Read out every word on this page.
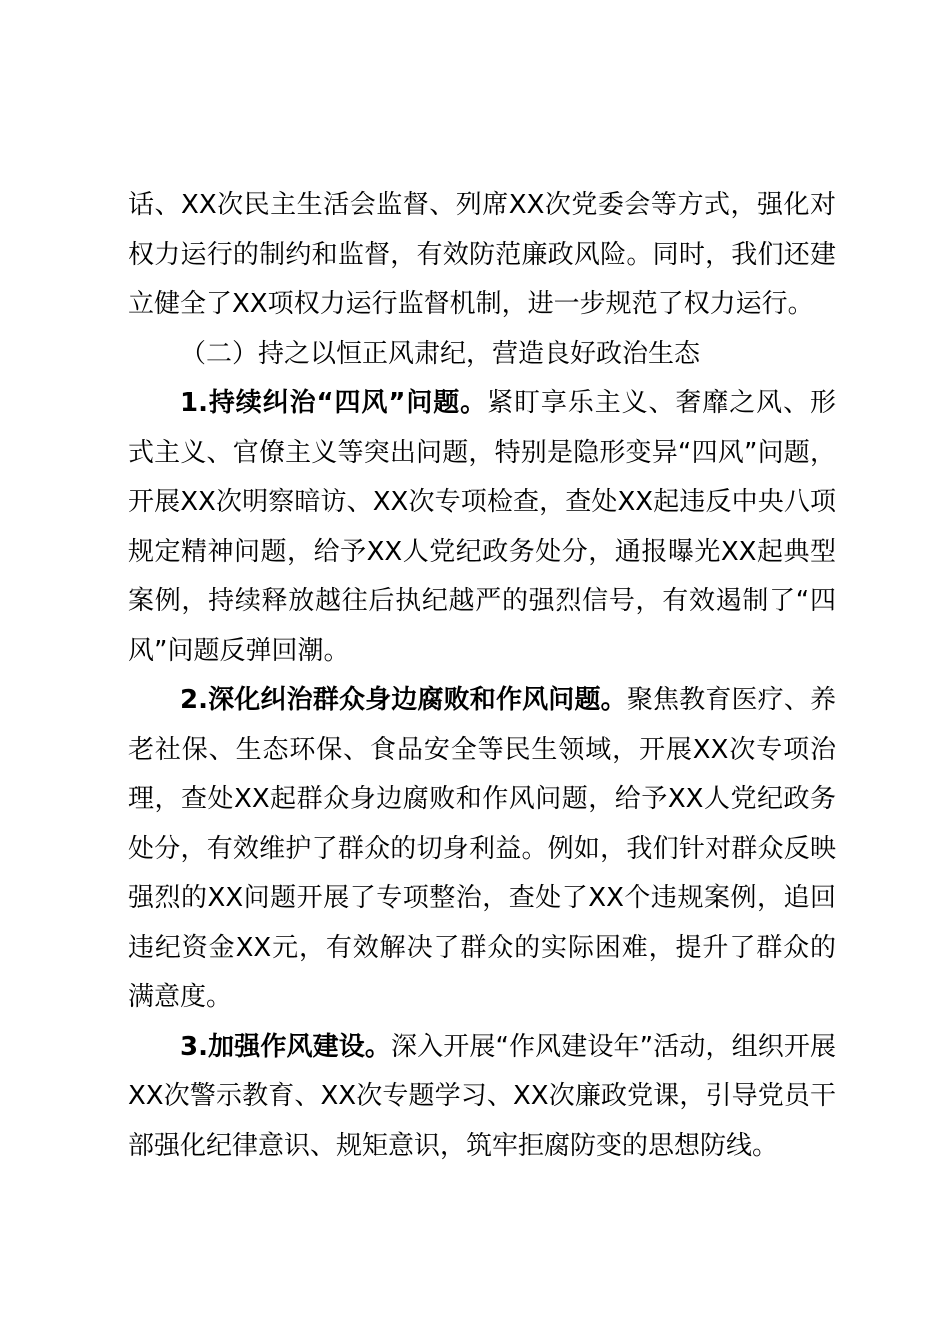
话、XX次民主生活会监督、列席XX次党委会等方式，强化对权力运行的制约和监督，有效防范廉政风险。同时，我们还建立健全了XX项权力运行监督机制，进一步规范了权力运行。

（二）持之以恒正风肃纪，营造良好政治生态

1.持续纠治“四风”问题。紧盯享乐主义、奢靡之风、形式主义、官僚主义等突出问题，特别是隐形变异“四风”问题，开展XX次明察暗访、XX次专项检查，查处XX起违反中央八项规定精神问题，给予XX人党纪政务处分，通报曝光XX起典型案例，持续释放越往后执纪越严的强烈信号，有效遏制了“四风”问题反弹回潮。

2.深化纠治群众身边腐败和作风问题。聚焦教育医疗、养老社保、生态环保、食品安全等民生领域，开展XX次专项治理，查处XX起群众身边腐败和作风问题，给予XX人党纪政务处分，有效维护了群众的切身利益。例如，我们针对群众反映强烈的XX问题开展了专项整治，查处了XX个违规案例，追回违纪资金XX元，有效解决了群众的实际困难，提升了群众的满意度。

3.加强作风建设。深入开展“作风建设年”活动，组织开展XX次警示教育、XX次专题学习、XX次廉政党课，引导党员干部强化纪律意识、规矩意识，筑牢拒腐防变的思想防线。
